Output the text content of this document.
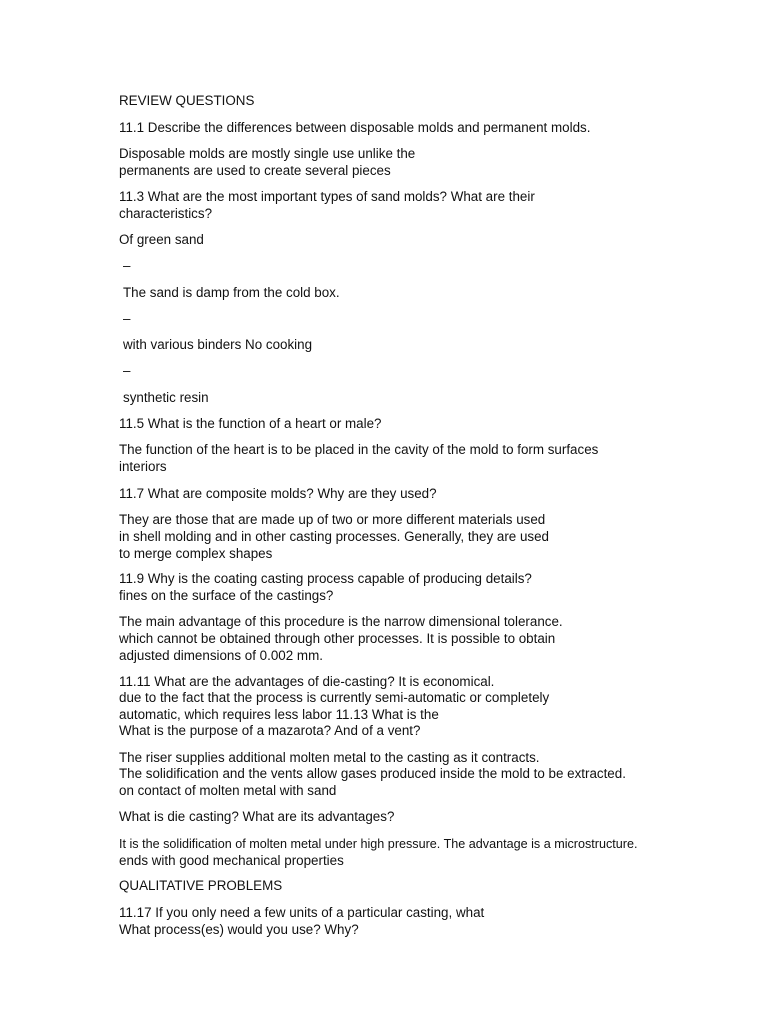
REVIEW QUESTIONS

11.1 Describe the differences between disposable molds and permanent molds.

Disposable molds are mostly single use unlike the

permanents are used to create several pieces

11.3 What are the most important types of sand molds? What are their

characteristics?

Of green sand

–

The sand is damp from the cold box.

–

with various binders No cooking

–

synthetic resin

11.5 What is the function of a heart or male?

The function of the heart is to be placed in the cavity of the mold to form surfaces

interiors

11.7 What are composite molds? Why are they used?

They are those that are made up of two or more different materials used

in shell molding and in other casting processes. Generally, they are used

to merge complex shapes

11.9 Why is the coating casting process capable of producing details?

fines on the surface of the castings?

The main advantage of this procedure is the narrow dimensional tolerance.

which cannot be obtained through other processes. It is possible to obtain

adjusted dimensions of 0.002 mm.

11.11 What are the advantages of die-casting? It is economical.

due to the fact that the process is currently semi-automatic or completely

automatic, which requires less labor 11.13 What is the

What is the purpose of a mazarota? And of a vent?

The riser supplies additional molten metal to the casting as it contracts.

The solidification and the vents allow gases produced inside the mold to be extracted.

on contact of molten metal with sand

What is die casting? What are its advantages?

It is the solidification of molten metal under high pressure. The advantage is a microstructure.

ends with good mechanical properties

QUALITATIVE PROBLEMS

11.17 If you only need a few units of a particular casting, what

What process(es) would you use? Why?
